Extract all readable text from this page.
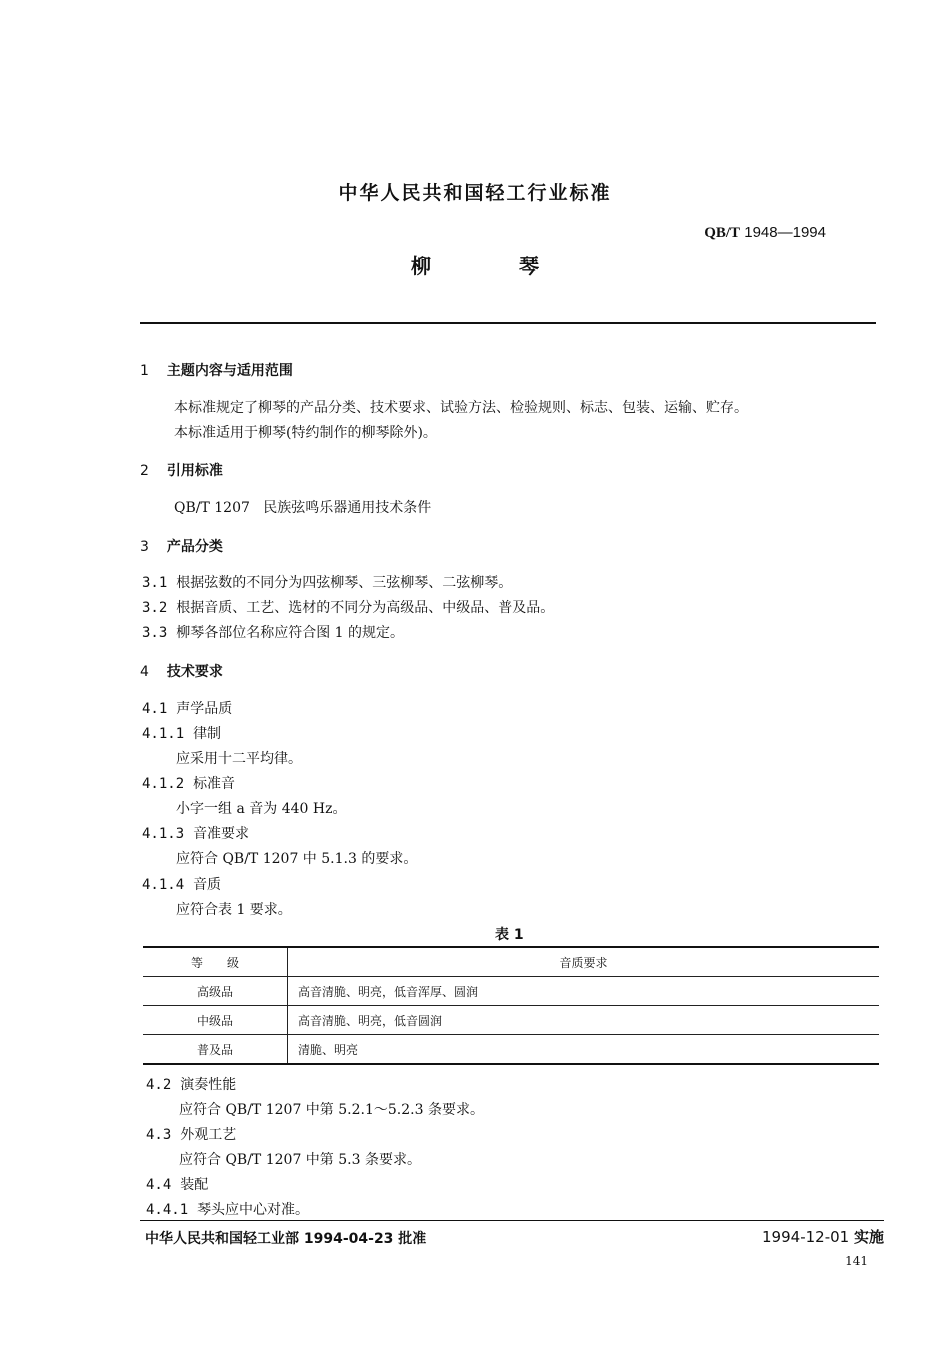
中华人民共和国轻工行业标准
QB/T 1948—1994
柳	琴
1 主题内容与适用范围
本标准规定了柳琴的产品分类、技术要求、试验方法、检验规则、标志、包装、运输、贮存。
本标准适用于柳琴(特约制作的柳琴除外)。
2 引用标准
QB/T 1207   民族弦鸣乐器通用技术条件
3 产品分类
3.1 根据弦数的不同分为四弦柳琴、三弦柳琴、二弦柳琴。
3.2 根据音质、工艺、选材的不同分为高级品、中级品、普及品。
3.3 柳琴各部位名称应符合图 1 的规定。
4 技术要求
4.1 声学品质
4.1.1 律制
应采用十二平均律。
4.1.2 标准音
小字一组 a 音为 440 Hz。
4.1.3 音准要求
应符合 QB/T 1207 中 5.1.3 的要求。
4.1.4 音质
应符合表 1 要求。
表 1
等　　级	音质要求
高级品	高音清脆、明亮，低音浑厚、圆润
中级品	高音清脆、明亮，低音圆润
普及品	清脆、明亮
4.2 演奏性能
应符合 QB/T 1207 中第 5.2.1～5.2.3 条要求。
4.3 外观工艺
应符合 QB/T 1207 中第 5.3 条要求。
4.4 装配
4.4.1 琴头应中心对准。
中华人民共和国轻工业部 1994-04-23 批准	1994-12-01 实施
141
